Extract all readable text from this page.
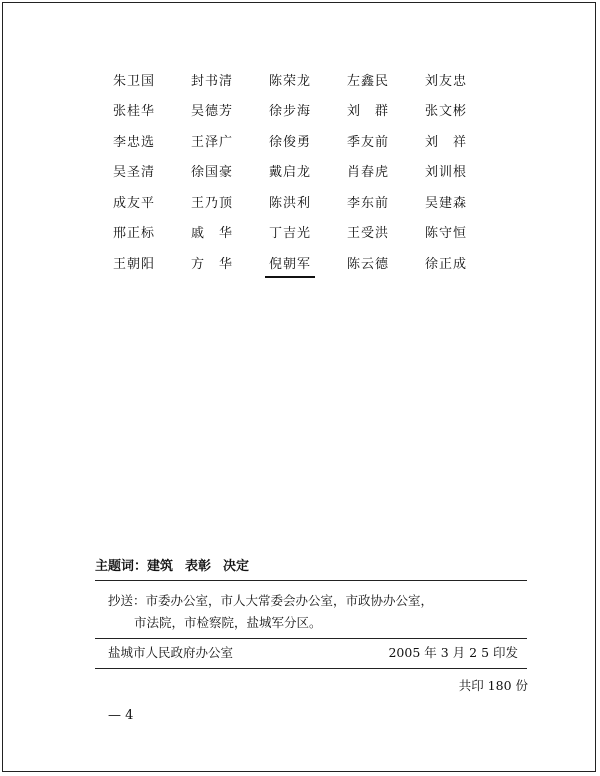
朱卫国	封书清	陈荣龙	左鑫民	刘友忠
张桂华	吴德芳	徐步海	刘　群	张文彬
李忠选	王泽广	徐俊勇	季友前	刘　祥
吴圣清	徐国豪	戴启龙	肖春虎	刘训根
成友平	王乃顶	陈洪利	李东前	吴建森
邢正标	戚　华	丁吉光	王受洪	陈守恒
王朝阳	方　华	倪朝军	陈云德	徐正成
主题词：建筑 表彰 决定
抄送：市委办公室，市人大常委会办公室，市政协办公室，
市法院，市检察院，盐城军分区。
盐城市人民政府办公室	2005 年 3 月 2 5 印发
共印 180 份
— 4
